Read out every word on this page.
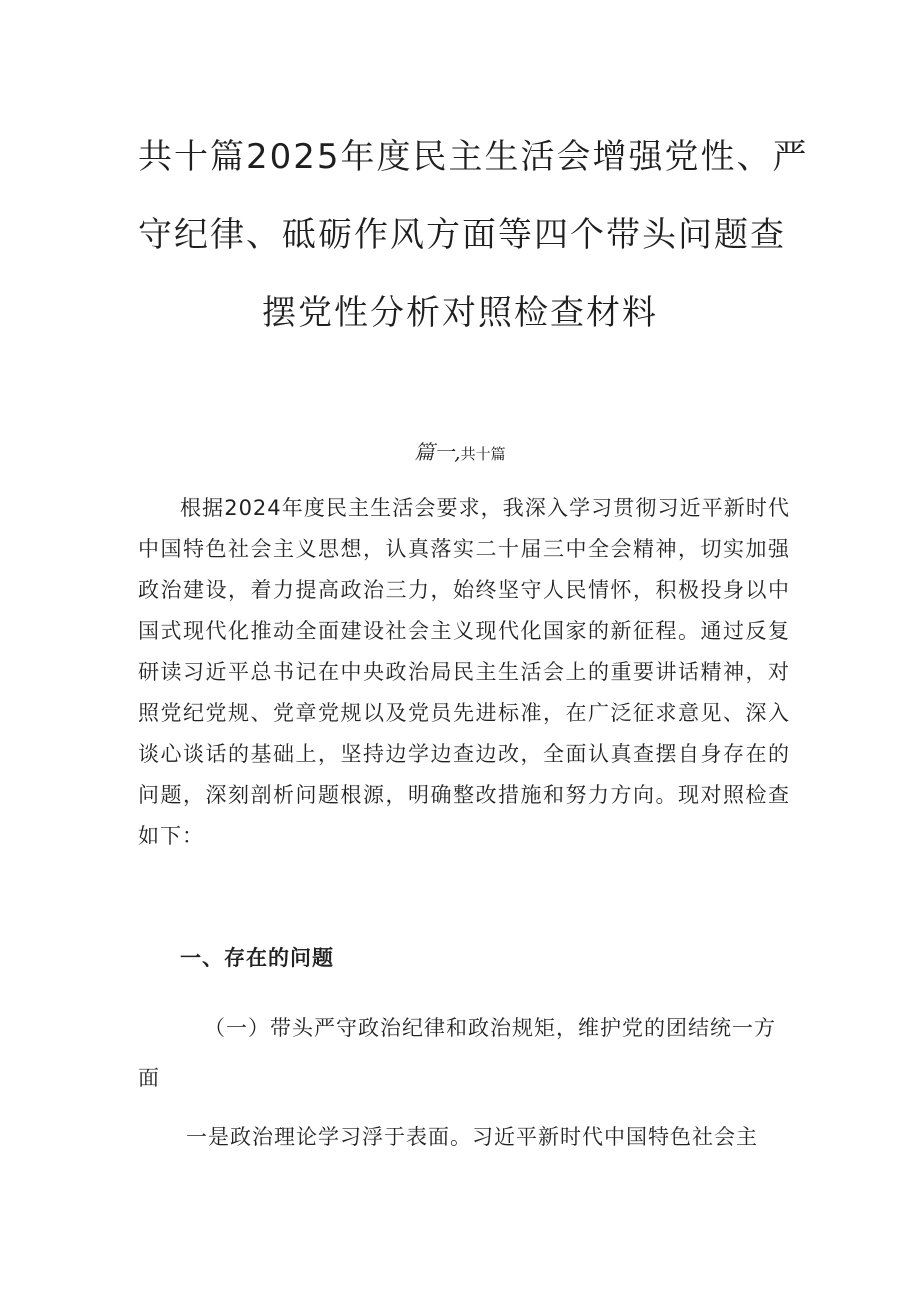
共十篇2025年度民主生活会增强党性、严
守纪律、砥砺作风方面等四个带头问题查
摆党性分析对照检查材料
篇一,共十篇
根据2024年度民主生活会要求，我深入学习贯彻习近平新时代中国特色社会主义思想，认真落实二十届三中全会精神，切实加强政治建设，着力提高政治三力，始终坚守人民情怀，积极投身以中国式现代化推动全面建设社会主义现代化国家的新征程。通过反复研读习近平总书记在中央政治局民主生活会上的重要讲话精神，对照党纪党规、党章党规以及党员先进标准，在广泛征求意见、深入谈心谈话的基础上，坚持边学边查边改，全面认真查摆自身存在的问题，深刻剖析问题根源，明确整改措施和努力方向。现对照检查如下：
一、存在的问题
（一）带头严守政治纪律和政治规矩，维护党的团结统一方面
一是政治理论学习浮于表面。习近平新时代中国特色社会主
